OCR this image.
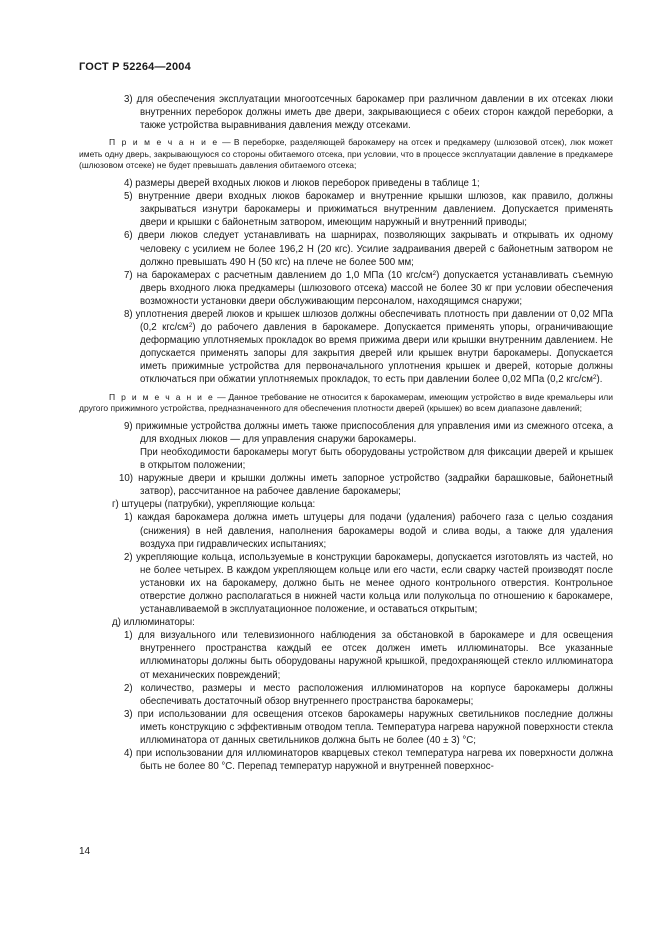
ГОСТ Р 52264—2004

3) для обеспечения эксплуатации многоотсечных барокамер при различном давлении в их отсеках люки внутренних переборок должны иметь две двери, закрывающиеся с обеих сторон каждой переборки, а также устройства выравнивания давления между отсеками.

П р и м е ч а н и е — В переборке, разделяющей барокамеру на отсек и предкамеру (шлюзовой отсек), люк может иметь одну дверь, закрывающуюся со стороны обитаемого отсека, при условии, что в процессе эксплуатации давление в предкамере (шлюзовом отсеке) не будет превышать давления обитаемого отсека;

4) размеры дверей входных люков и люков переборок приведены в таблице 1;

5) внутренние двери входных люков барокамер и внутренние крышки шлюзов, как правило, должны закрываться изнутри барокамеры и прижиматься внутренним давлением. Допускается применять двери и крышки с байонетным затвором, имеющим наружный и внутренний приводы;

6) двери люков следует устанавливать на шарнирах, позволяющих закрывать и открывать их одному человеку с усилием не более 196,2 Н (20 кгс). Усилие задраивания дверей с байонетным затвором не должно превышать 490 Н (50 кгс) на плече не более 500 мм;

7) на барокамерах с расчетным давлением до 1,0 МПа (10 кгс/$см^2$) допускается устанавливать съемную дверь входного люка предкамеры (шлюзового отсека) массой не более 30 кг при условии обеспечения возможности установки двери обслуживающим персоналом, находящимся снаружи;

8) уплотнения дверей люков и крышек шлюзов должны обеспечивать плотность при давлении от 0,02 МПа (0,2 кгс/$см^2$) до рабочего давления в барокамере. Допускается применять упоры, ограничивающие деформацию уплотняемых прокладок во время прижима двери или крышки внутренним давлением. Не допускается применять запоры для закрытия дверей или крышек внутри барокамеры. Допускается иметь прижимные устройства для первоначального уплотнения крышек и дверей, которые должны отключаться при обжатии уплотняемых прокладок, то есть при давлении более 0,02 МПа (0,2 кгс/$см^2$).

П р и м е ч а н и е — Данное требование не относится к барокамерам, имеющим устройство в виде кремальеры или другого прижимного устройства, предназначенного для обеспечения плотности дверей (крышек) во всем диапазоне давлений;

9) прижимные устройства должны иметь также приспособления для управления ими из смежного отсека, а для входных люков — для управления снаружи барокамеры.

При необходимости барокамеры могут быть оборудованы устройством для фиксации дверей и крышек в открытом положении;

10) наружные двери и крышки должны иметь запорное устройство (задрайки барашковые, байонетный затвор), рассчитанное на рабочее давление барокамеры;

г) штуцеры (патрубки), укрепляющие кольца:

1) каждая барокамера должна иметь штуцеры для подачи (удаления) рабочего газа с целью создания (снижения) в ней давления, наполнения барокамеры водой и слива воды, а также для удаления воздуха при гидравлических испытаниях;

2) укрепляющие кольца, используемые в конструкции барокамеры, допускается изготовлять из частей, но не более четырех. В каждом укрепляющем кольце или его части, если сварку частей производят после установки их на барокамеру, должно быть не менее одного контрольного отверстия. Контрольное отверстие должно располагаться в нижней части кольца или полукольца по отношению к барокамере, устанавливаемой в эксплуатационное положение, и оставаться открытым;

д) иллюминаторы:

1) для визуального или телевизионного наблюдения за обстановкой в барокамере и для освещения внутреннего пространства каждый ее отсек должен иметь иллюминаторы. Все указанные иллюминаторы должны быть оборудованы наружной крышкой, предохраняющей стекло иллюминатора от механических повреждений;

2) количество, размеры и место расположения иллюминаторов на корпусе барокамеры должны обеспечивать достаточный обзор внутреннего пространства барокамеры;

3) при использовании для освещения отсеков барокамеры наружных светильников последние должны иметь конструкцию с эффективным отводом тепла. Температура нагрева наружной поверхности стекла иллюминатора от данных светильников должна быть не более (40 ± 3) °С;

4) при использовании для иллюминаторов кварцевых стекол температура нагрева их поверхности должна быть не более 80 °С. Перепад температур наружной и внутренней поверхнос-

14
